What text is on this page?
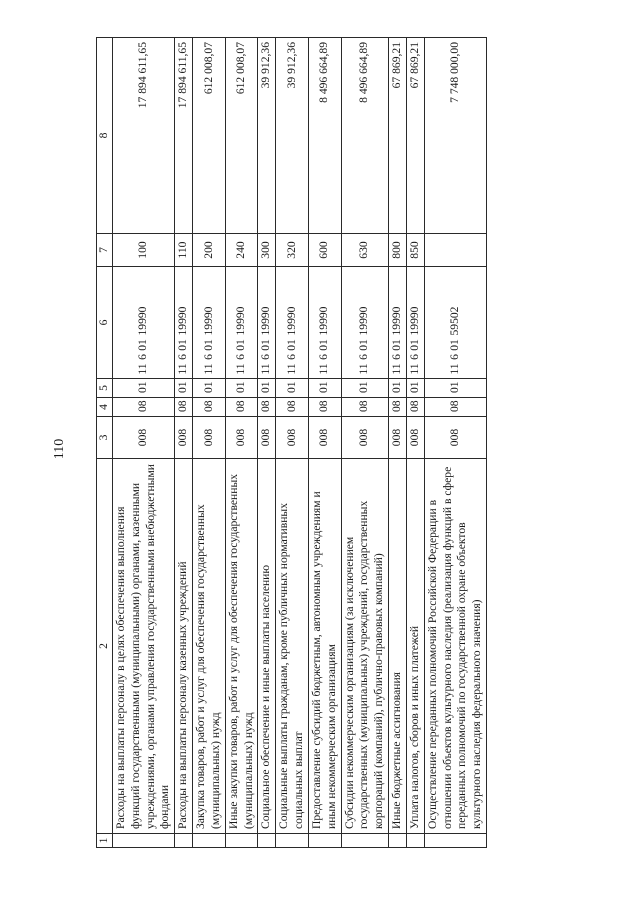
110
1	2	3	4	5	6	7	8
	Расходы на выплаты персоналу в целях обеспечения выполнения функций государственными (муниципальными) органами, казенными учреждениями, органами управления государственными внебюджетными фондами	008	08	01	1160119990	100	17 894 611,65
	Расходы на выплаты персоналу казенных учреждений	008	08	01	1160119990	110	17 894 611,65
	Закупка товаров, работ и услуг для обеспечения государственных (муниципальных) нужд	008	08	01	1160119990	200	612 008,07
	Иные закупки товаров, работ и услуг для обеспечения государственных (муниципальных) нужд	008	08	01	1160119990	240	612 008,07
	Социальное обеспечение и иные выплаты населению	008	08	01	1160119990	300	39 912,36
	Социальные выплаты гражданам, кроме публичных нормативных социальных выплат	008	08	01	1160119990	320	39 912,36
	Предоставление субсидий бюджетным, автономным учреждениям и иным некоммерческим организациям	008	08	01	1160119990	600	8 496 664,89
	Субсидии некоммерческим организациям (за исключением государственных (муниципальных) учреждений, государственных корпораций (компаний), публично-правовых компаний)	008	08	01	1160119990	630	8 496 664,89
	Иные бюджетные ассигнования	008	08	01	1160119990	800	67 869,21
	Уплата налогов, сборов и иных платежей	008	08	01	1160119990	850	67 869,21
	Осуществление переданных полномочий Российской Федерации в отношении объектов культурного наследия (реализация функций в сфере переданных полномочий по государственной охране объектов культурного наследия федерального значения)	008	08	01	1160159502		7 748 000,00
